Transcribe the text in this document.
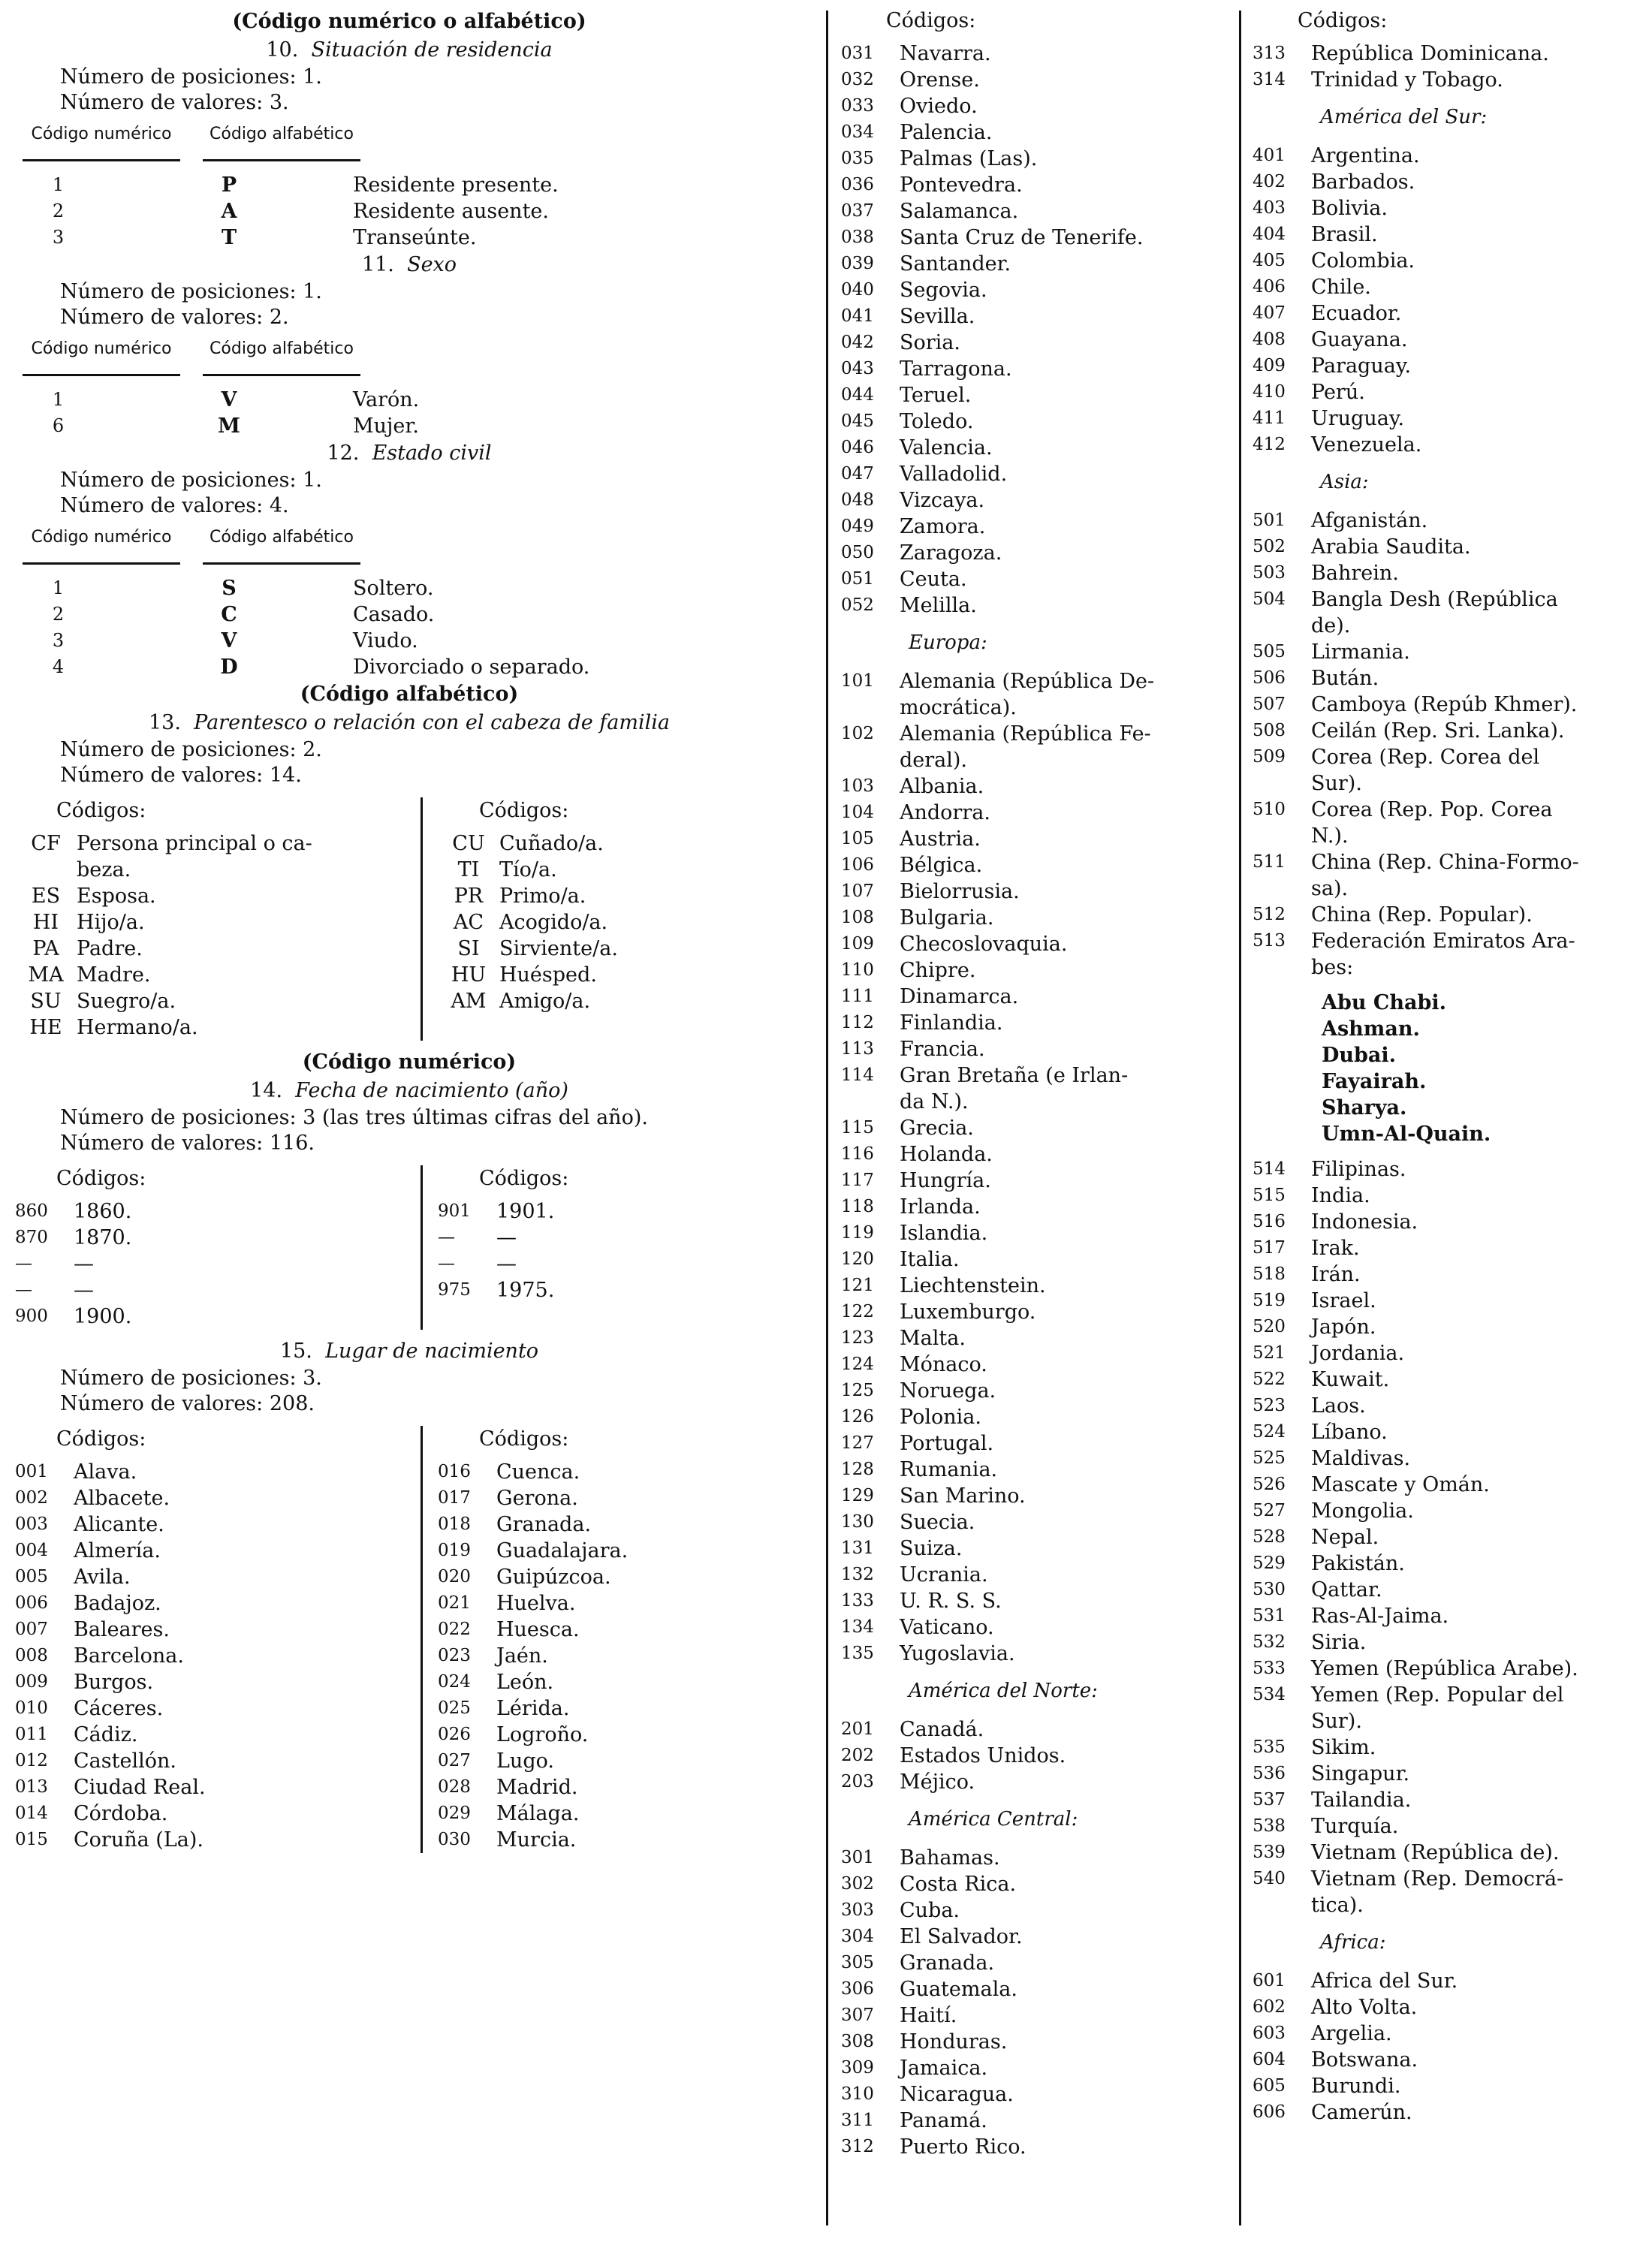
(Código numérico o alfabético)
10. Situación de residencia
Número de posiciones: 1.
Número de valores: 3.
Código numérico	Código alfabético
1	P	Residente presente.
2	A	Residente ausente.
3	T	Transeúnte.
11. Sexo
Número de posiciones: 1.
Número de valores: 2.
Código numérico	Código alfabético
1	V	Varón.
6	M	Mujer.
12. Estado civil
Número de posiciones: 1.
Número de valores: 4.
Código numérico	Código alfabético
1	S	Soltero.
2	C	Casado.
3	V	Viudo.
4	D	Divorciado o separado.
(Código alfabético)
13. Parentesco o relación con el cabeza de familia
Número de posiciones: 2.
Número de valores: 14.
Códigos:
CF Persona principal o ca-
beza.
ES Esposa.
HI Hijo/a.
PA Padre.
MA Madre.
SU Suegro/a.
HE Hermano/a.
Códigos:
CU Cuñado/a.
TI Tío/a.
PR Primo/a.
AC Acogido/a.
SI Sirviente/a.
HU Huésped.
AM Amigo/a.
(Código numérico)
14. Fecha de nacimiento (año)
Número de posiciones: 3 (las tres últimas cifras del año).
Número de valores: 116.
Códigos:
860	1860.
870	1870.
—	—
—	—
900	1900.
Códigos:
901	1901.
—	—
—	—
975	1975.
15. Lugar de nacimiento
Número de posiciones: 3.
Número de valores: 208.
Códigos:
001	Alava.
002	Albacete.
003	Alicante.
004	Almería.
005	Avila.
006	Badajoz.
007	Baleares.
008	Barcelona.
009	Burgos.
010	Cáceres.
011	Cádiz.
012	Castellón.
013	Ciudad Real.
014	Córdoba.
015	Coruña (La).
Códigos:
016	Cuenca.
017	Gerona.
018	Granada.
019	Guadalajara.
020	Guipúzcoa.
021	Huelva.
022	Huesca.
023	Jaén.
024	León.
025	Lérida.
026	Logroño.
027	Lugo.
028	Madrid.
029	Málaga.
030	Murcia.
Códigos:
031	Navarra.
032	Orense.
033	Oviedo.
034	Palencia.
035	Palmas (Las).
036	Pontevedra.
037	Salamanca.
038	Santa Cruz de Tenerife.
039	Santander.
040	Segovia.
041	Sevilla.
042	Soria.
043	Tarragona.
044	Teruel.
045	Toledo.
046	Valencia.
047	Valladolid.
048	Vizcaya.
049	Zamora.
050	Zaragoza.
051	Ceuta.
052	Melilla.
Europa:
101	Alemania (República De-
mocrática).
102	Alemania (República Fe-
deral).
103	Albania.
104	Andorra.
105	Austria.
106	Bélgica.
107	Bielorrusia.
108	Bulgaria.
109	Checoslovaquia.
110	Chipre.
111	Dinamarca.
112	Finlandia.
113	Francia.
114	Gran Bretaña (e Irlan-
da N.).
115	Grecia.
116	Holanda.
117	Hungría.
118	Irlanda.
119	Islandia.
120	Italia.
121	Liechtenstein.
122	Luxemburgo.
123	Malta.
124	Mónaco.
125	Noruega.
126	Polonia.
127	Portugal.
128	Rumania.
129	San Marino.
130	Suecia.
131	Suiza.
132	Ucrania.
133	U. R. S. S.
134	Vaticano.
135	Yugoslavia.
América del Norte:
201	Canadá.
202	Estados Unidos.
203	Méjico.
América Central:
301	Bahamas.
302	Costa Rica.
303	Cuba.
304	El Salvador.
305	Granada.
306	Guatemala.
307	Haití.
308	Honduras.
309	Jamaica.
310	Nicaragua.
311	Panamá.
312	Puerto Rico.
Códigos:
313	República Dominicana.
314	Trinidad y Tobago.
América del Sur:
401	Argentina.
402	Barbados.
403	Bolivia.
404	Brasil.
405	Colombia.
406	Chile.
407	Ecuador.
408	Guayana.
409	Paraguay.
410	Perú.
411	Uruguay.
412	Venezuela.
Asia:
501	Afganistán.
502	Arabia Saudita.
503	Bahrein.
504	Bangla Desh (República
de).
505	Lirmania.
506	Bután.
507	Camboya (Repúb Khmer).
508	Ceilán (Rep. Sri. Lanka).
509	Corea (Rep. Corea del
Sur).
510	Corea (Rep. Pop. Corea
N.).
511	China (Rep. China-Formo-
sa).
512	China (Rep. Popular).
513	Federación Emiratos Ara-
bes:
Abu Chabi.
Ashman.
Dubai.
Fayairah.
Sharya.
Umn-Al-Quain.
514	Filipinas.
515	India.
516	Indonesia.
517	Irak.
518	Irán.
519	Israel.
520	Japón.
521	Jordania.
522	Kuwait.
523	Laos.
524	Líbano.
525	Maldivas.
526	Mascate y Omán.
527	Mongolia.
528	Nepal.
529	Pakistán.
530	Qattar.
531	Ras-Al-Jaima.
532	Siria.
533	Yemen (República Arabe).
534	Yemen (Rep. Popular del
Sur).
535	Sikim.
536	Singapur.
537	Tailandia.
538	Turquía.
539	Vietnam (República de).
540	Vietnam (Rep. Democrá-
tica).
Africa:
601	Africa del Sur.
602	Alto Volta.
603	Argelia.
604	Botswana.
605	Burundi.
606	Camerún.
